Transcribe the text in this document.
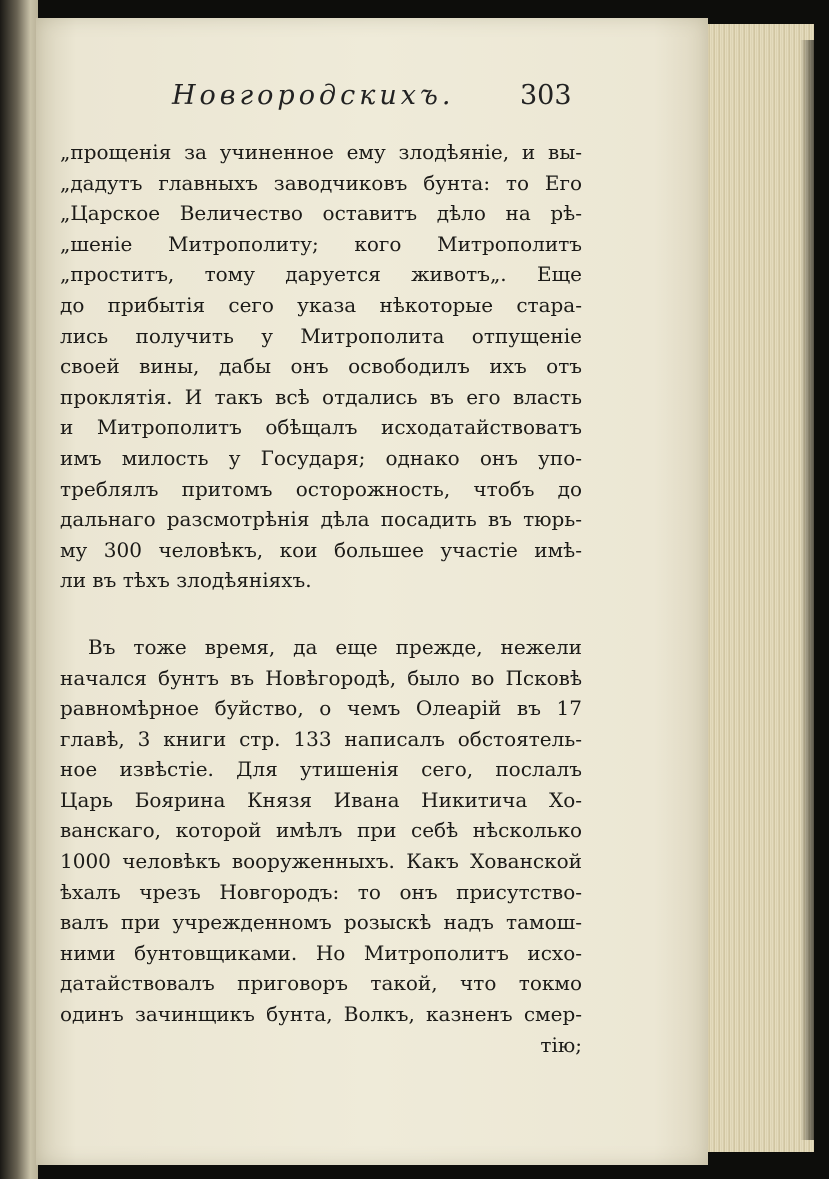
Новгородскихъ. 303
„прощенія за учиненное ему злодѣяніе, и вы-
„дадутъ главныхъ заводчиковъ бунта: то Его
„Царское Величество оставитъ дѣло на рѣ-
„шеніе Митрополиту; кого Митрополитъ
„проститъ, тому даруется животъ„. Еще
до прибытія сего указа нѣкоторые стара-
лись получить у Митрополита отпущеніе
своей вины, дабы онъ освободилъ ихъ отъ
проклятія. И такъ всѣ отдались въ его власть
и Митрополитъ обѣщалъ исходатайствоватъ
имъ милость у Государя; однако онъ упо-
треблялъ притомъ осторожность, чтобъ до
дальнаго разсмотрѣнія дѣла посадить въ тюрь-
му 300 человѣкъ, кои большее участіе имѣ-
ли въ тѣхъ злодѣяніяхъ.
Въ тоже время, да еще прежде, нежели
начался бунтъ въ Новѣгородѣ, было во Псковѣ
равномѣрное буйство, о чемъ Олеарій въ 17
главѣ, 3 книги стр. 133 написалъ обстоятель-
ное извѣстіе. Для утишенія сего, послалъ
Царь Боярина Князя Ивана Никитича Хо-
ванскаго, которой имѣлъ при себѣ нѣсколько
1000 человѣкъ вооруженныхъ. Какъ Хованской
ѣхалъ чрезъ Новгородъ: то онъ присутство-
валъ при учрежденномъ розыскѣ надъ тамош-
ними бунтовщиками. Но Митрополитъ исхо-
датайствовалъ приговоръ такой, что токмо
одинъ зачинщикъ бунта, Волкъ, казненъ смер-
тію;
